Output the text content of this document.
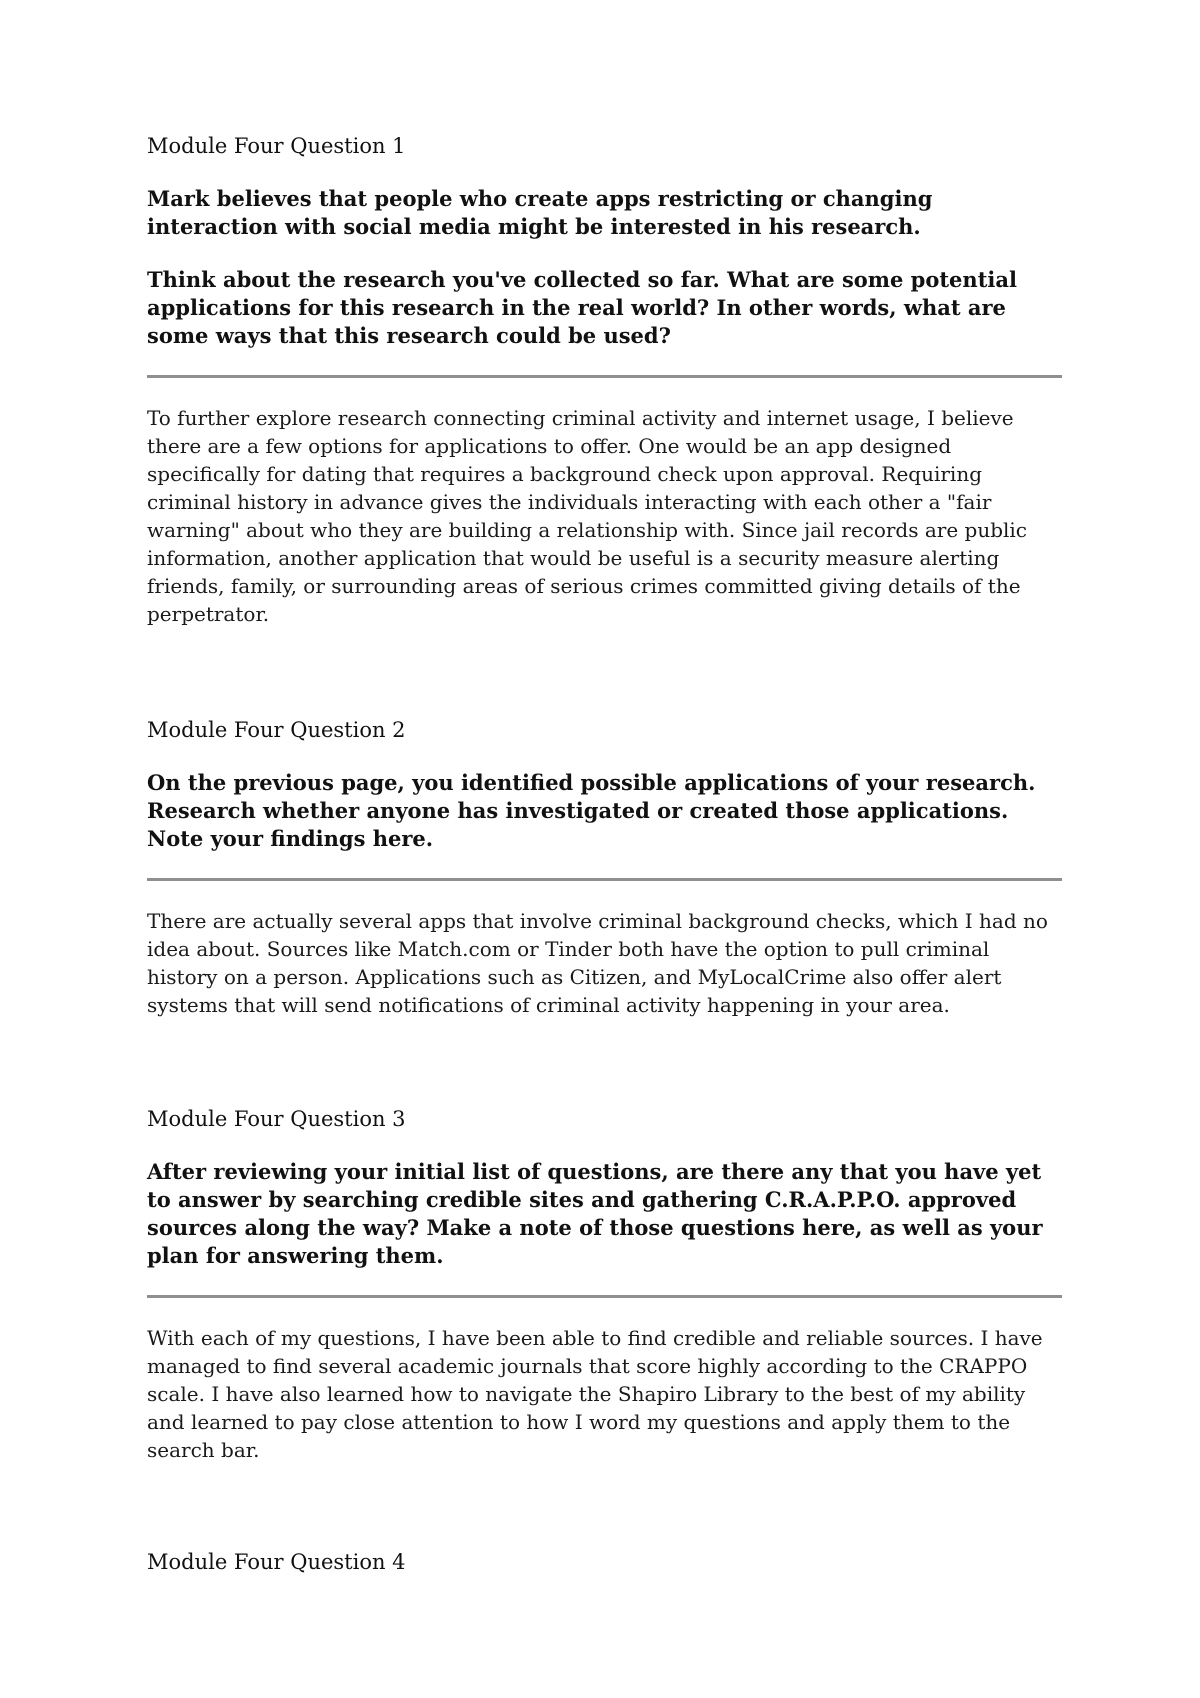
Module Four Question 1

Mark believes that people who create apps restricting or changing interaction with social media might be interested in his research.

Think about the research you've collected so far. What are some potential applications for this research in the real world? In other words, what are some ways that this research could be used?

To further explore research connecting criminal activity and internet usage, I believe there are a few options for applications to offer. One would be an app designed specifically for dating that requires a background check upon approval. Requiring criminal history in advance gives the individuals interacting with each other a "fair warning" about who they are building a relationship with. Since jail records are public information, another application that would be useful is a security measure alerting friends, family, or surrounding areas of serious crimes committed giving details of the perpetrator.

Module Four Question 2

On the previous page, you identified possible applications of your research. Research whether anyone has investigated or created those applications. Note your findings here.

There are actually several apps that involve criminal background checks, which I had no idea about. Sources like Match.com or Tinder both have the option to pull criminal history on a person. Applications such as Citizen, and MyLocalCrime also offer alert systems that will send notifications of criminal activity happening in your area.

Module Four Question 3

After reviewing your initial list of questions, are there any that you have yet to answer by searching credible sites and gathering C.R.A.P.P.O. approved sources along the way? Make a note of those questions here, as well as your plan for answering them.

With each of my questions, I have been able to find credible and reliable sources. I have managed to find several academic journals that score highly according to the CRAPPO scale. I have also learned how to navigate the Shapiro Library to the best of my ability and learned to pay close attention to how I word my questions and apply them to the search bar.

Module Four Question 4
